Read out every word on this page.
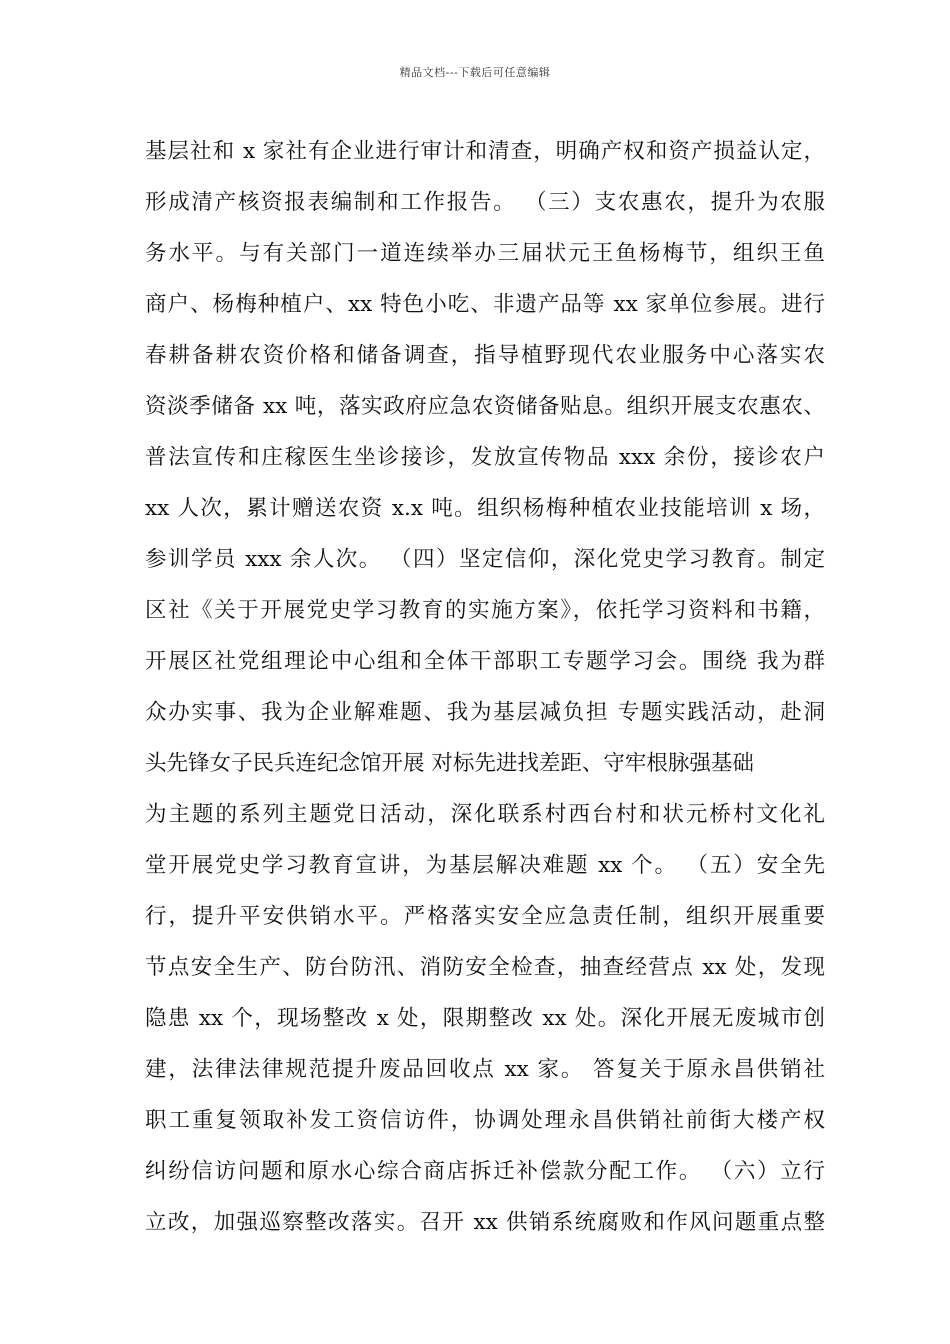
精品文档---下载后可任意编辑
基层社和 x 家社有企业进行审计和清查，明确产权和资产损益认定，
形成清产核资报表编制和工作报告。 （三）支农惠农，提升为农服
务水平。与有关部门一道连续举办三届状元王鱼杨梅节，组织王鱼
商户、杨梅种植户、xx 特色小吃、非遗产品等 xx 家单位参展。进行
春耕备耕农资价格和储备调查，指导植野现代农业服务中心落实农
资淡季储备 xx 吨，落实政府应急农资储备贴息。组织开展支农惠农、
普法宣传和庄稼医生坐诊接诊，发放宣传物品 xxx 余份，接诊农户
xx 人次，累计赠送农资 x.x 吨。组织杨梅种植农业技能培训 x 场，
参训学员 xxx 余人次。 （四）坚定信仰，深化党史学习教育。制定
区社《关于开展党史学习教育的实施方案》，依托学习资料和书籍，
开展区社党组理论中心组和全体干部职工专题学习会。围绕 我为群
众办实事、我为企业解难题、我为基层减负担 专题实践活动，赴洞
头先锋女子民兵连纪念馆开展 对标先进找差距、守牢根脉强基础
为主题的系列主题党日活动，深化联系村西台村和状元桥村文化礼
堂开展党史学习教育宣讲，为基层解决难题 xx 个。 （五）安全先
行，提升平安供销水平。严格落实安全应急责任制，组织开展重要
节点安全生产、防台防汛、消防安全检查，抽查经营点 xx 处，发现
隐患 xx 个，现场整改 x 处，限期整改 xx 处。深化开展无废城市创
建，法律法律规范提升废品回收点 xx 家。 答复关于原永昌供销社
职工重复领取补发工资信访件，协调处理永昌供销社前街大楼产权
纠纷信访问题和原水心综合商店拆迁补偿款分配工作。 （六）立行
立改，加强巡察整改落实。召开 xx 供销系统腐败和作风问题重点整
